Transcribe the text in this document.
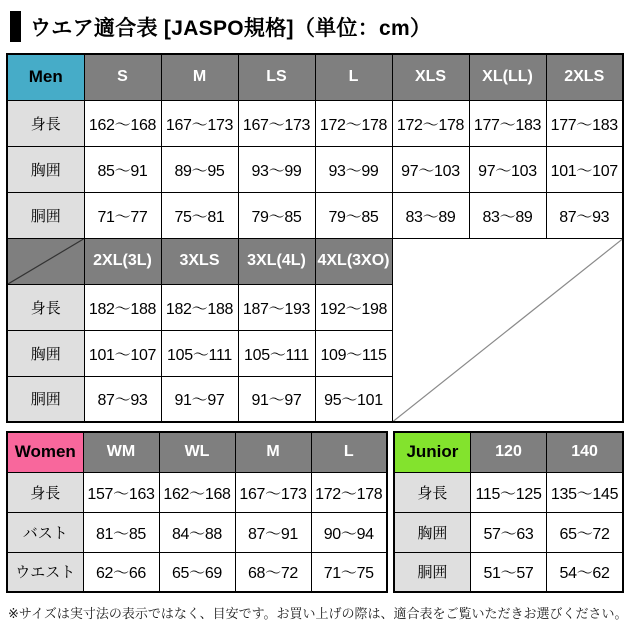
ウエア適合表 [JASPO規格]（単位：cm）
Men	S	M	LS	L	XLS	XL(LL)	2XLS
身長	162～168	167～173	167～173	172～178	172～178	177～183	177～183
胸囲	85～91	89～95	93～99	93～99	97～103	97～103	101～107
胴囲	71～77	75～81	79～85	79～85	83～89	83～89	87～93

	2XL(3L)	3XLS	3XL(4L)	4XL(3XO)	

身長	182～188	182～188	187～193	192～198			
胸囲	101～107	105～111	105～111	109～115			
胴囲	87～93	91～97	91～97	95～101			
Women	WM	WL	M	L
身長	157～163	162～168	167～173	172～178
バスト	81～85	84～88	87～91	90～94
ウエスト	62～66	65～69	68～72	71～75
Junior	120	140
身長	115～125	135～145
胸囲	57～63	65～72
胴囲	51～57	54～62

※サイズは実寸法の表示ではなく、目安です。お買い上げの際は、適合表をご覧いただきお選びください。
